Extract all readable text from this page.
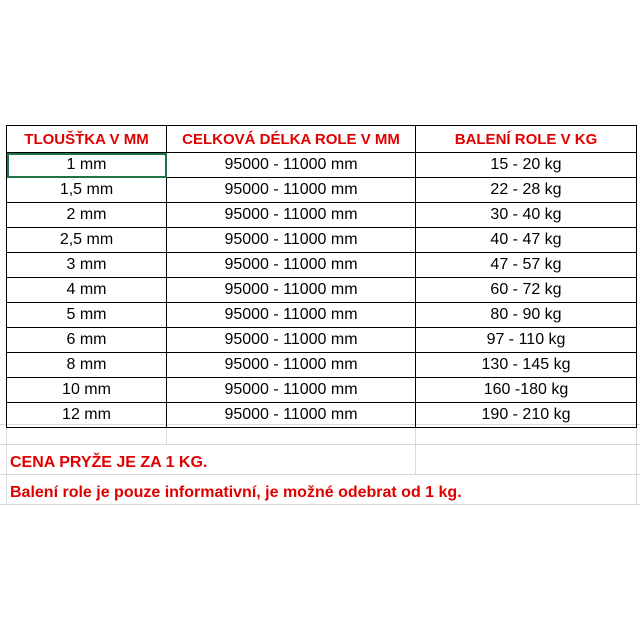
TLOUŠŤKA V MM	CELKOVÁ DÉLKA ROLE V MM	BALENÍ ROLE V KG
1 mm	95000 - 11000 mm	15 - 20 kg
1,5 mm	95000 - 11000 mm	22 - 28 kg
2 mm	95000 - 11000 mm	30 - 40 kg
2,5 mm	95000 - 11000 mm	40 - 47 kg
3 mm	95000 - 11000 mm	47 - 57 kg
4 mm	95000 - 11000 mm	60 - 72 kg
5 mm	95000 - 11000 mm	80 - 90 kg
6 mm	95000 - 11000 mm	97 - 110 kg
8 mm	95000 - 11000 mm	130 - 145 kg
10 mm	95000 - 11000 mm	160 -180 kg
12 mm	95000 - 11000 mm	190 - 210 kg
CENA PRYŽE JE ZA 1 KG.
Balení role je pouze informativní, je možné odebrat od 1 kg.
